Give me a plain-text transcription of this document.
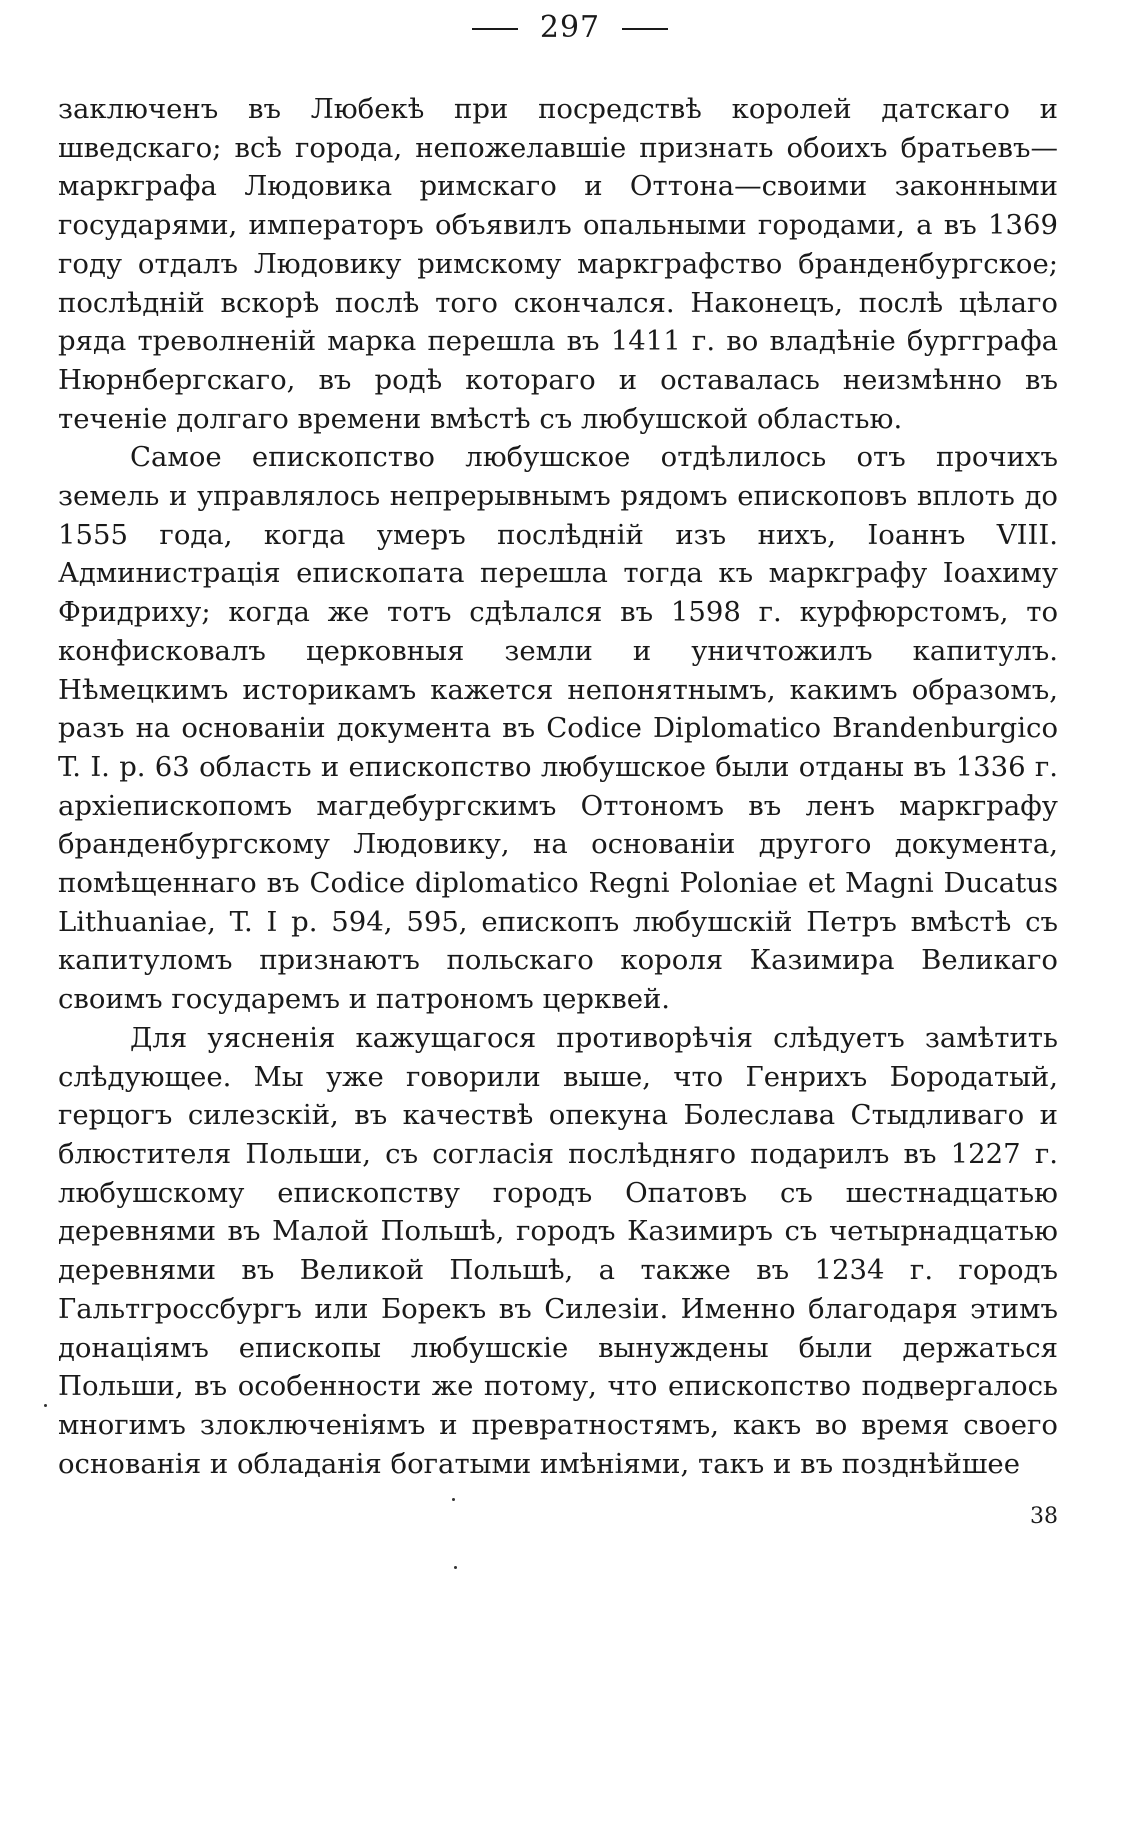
297

заключенъ въ Любекѣ при посредствѣ королей датскаго и шведскаго; всѣ города, непожелавшіе признать обоихъ братьевъ— маркграфа Людовика римскаго и Оттона—своими законными государями, императоръ объявилъ опальными городами, а въ 1369 году отдалъ Людовику римскому маркграфство бранденбургское; послѣдній вскорѣ послѣ того скончался. Наконецъ, послѣ цѣлаго ряда треволненій марка перешла въ 1411 г. во владѣніе бургграфа Нюрнбергскаго, въ родѣ котораго и оставалась неизмѣнно въ теченіе долгаго времени вмѣстѣ съ любушской областью.

Самое епископство любушское отдѣлилось отъ прочихъ земель и управлялось непрерывнымъ рядомъ епископовъ вплоть до 1555 года, когда умеръ послѣдній изъ нихъ, Іоаннъ VIII. Администрація епископата перешла тогда къ маркграфу Іоахиму Фридриху; когда же тотъ сдѣлался въ 1598 г. курфюрстомъ, то конфисковалъ церковныя земли и уничтожилъ капитулъ. Нѣмецкимъ историкамъ кажется непонятнымъ, какимъ образомъ, разъ на основаніи документа въ Codice Diplomatico Brandenburgico T. I. p. 63 область и епископство любушское были отданы въ 1336 г. архіепископомъ магдебургскимъ Оттономъ въ ленъ маркграфу бранденбургскому Людовику, на основаніи другого документа, помѣщеннаго въ Codice diplomatico Regni Poloniae et Magni Ducatus Lithuaniae, T. I p. 594, 595, епископъ любушскій Петръ вмѣстѣ съ капитуломъ признаютъ польскаго короля Казимира Великаго своимъ государемъ и патрономъ церквей.

Для уясненія кажущагося противорѣчія слѣдуетъ замѣтить слѣдующее. Мы уже говорили выше, что Генрихъ Бородатый, герцогъ силезскій, въ качествѣ опекуна Болеслава Стыдливаго и блюстителя Польши, съ согласія послѣдняго подарилъ въ 1227 г. любушскому епископству городъ Опатовъ съ шестнадцатью деревнями въ Малой Польшѣ, городъ Казимиръ съ четырнадцатью деревнями въ Великой Польшѣ, а также въ 1234 г. городъ Гальтгроссбургъ или Борекъ въ Силезіи. Именно благодаря этимъ донаціямъ епископы любушскіе вынуждены были держаться Польши, въ особенности же потому, что епископство подвергалось многимъ злоключеніямъ и превратностямъ, какъ во время своего основанія и обладанія богатыми имѣніями, такъ и въ позднѣйшее

38
